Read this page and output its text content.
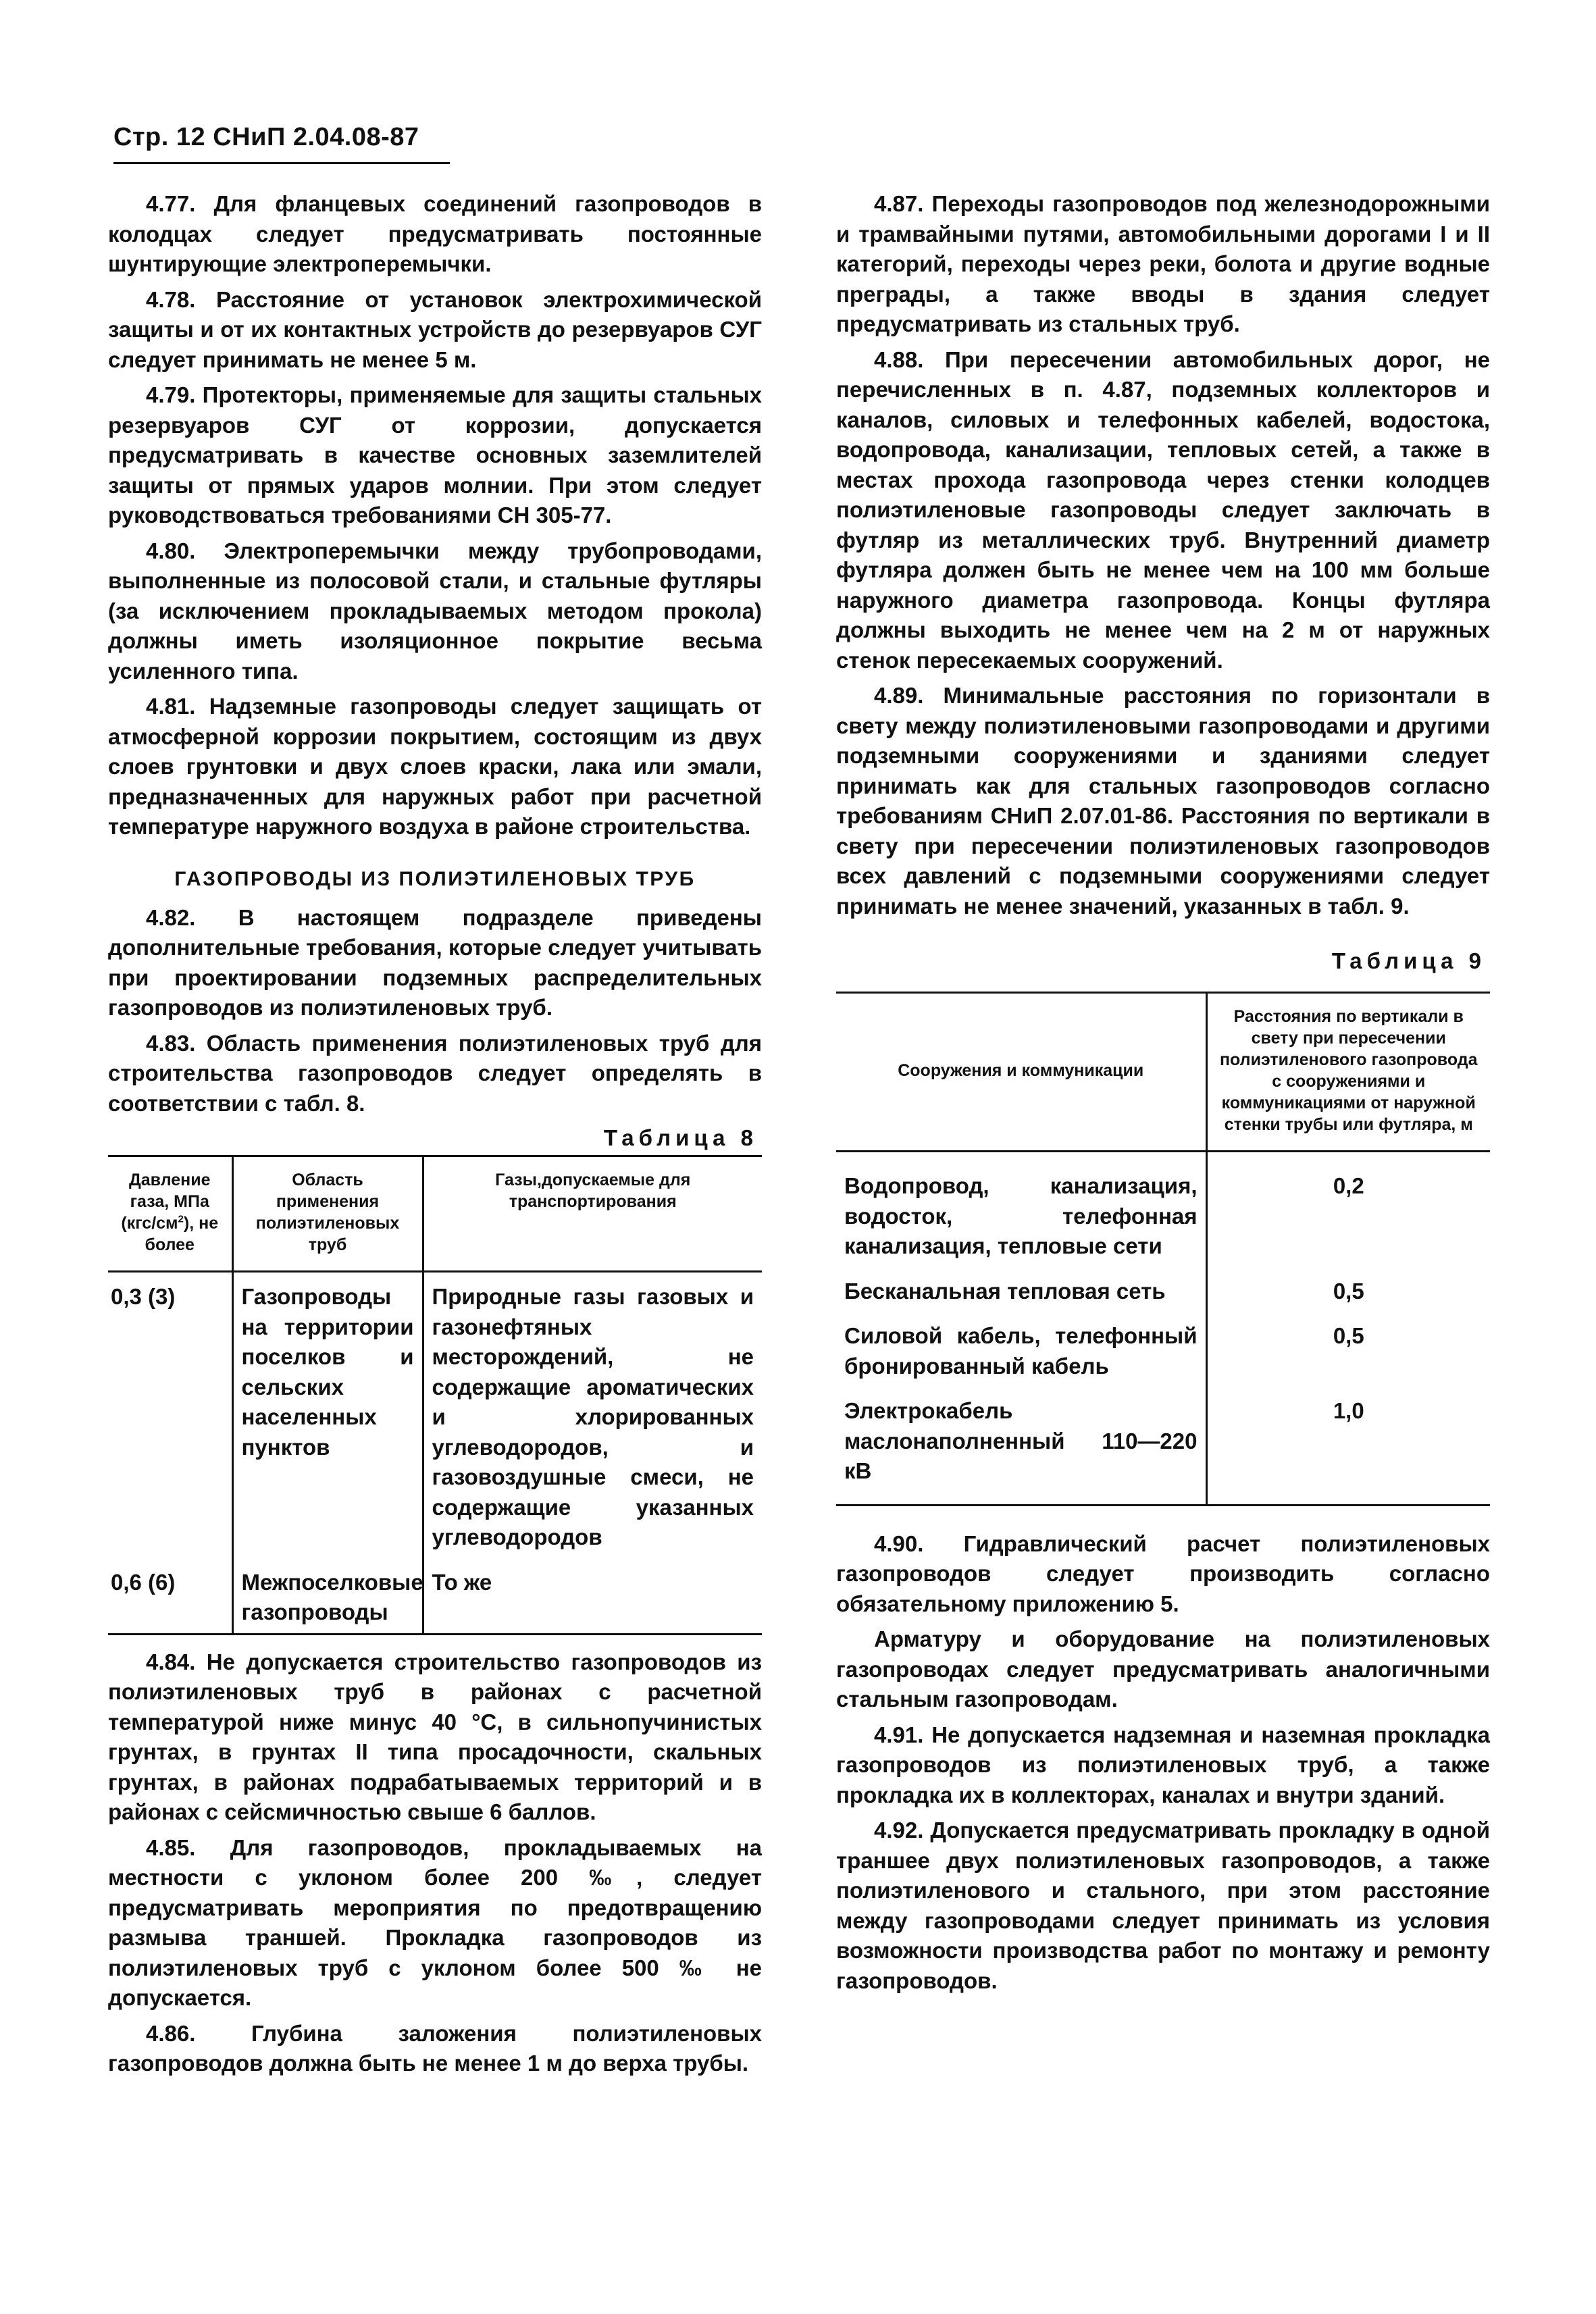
Стр. 12 СНиП 2.04.08-87

4.77. Для фланцевых соединений газопроводов в колодцах следует предусматривать постоянные шунтирующие электроперемычки.

4.78. Расстояние от установок электрохимической защиты и от их контактных устройств до резервуаров СУГ следует принимать не менее 5 м.

4.79. Протекторы, применяемые для защиты стальных резервуаров СУГ от коррозии, допускается предусматривать в качестве основных заземлителей защиты от прямых ударов молнии. При этом следует руководствоваться требованиями СН 305-77.

4.80. Электроперемычки между трубопроводами, выполненные из полосовой стали, и стальные футляры (за исключением прокладываемых методом прокола) должны иметь изоляционное покрытие весьма усиленного типа.

4.81. Надземные газопроводы следует защищать от атмосферной коррозии покрытием, состоящим из двух слоев грунтовки и двух слоев краски, лака или эмали, предназначенных для наружных работ при расчетной температуре наружного воздуха в районе строительства.

ГАЗОПРОВОДЫ ИЗ ПОЛИЭТИЛЕНОВЫХ ТРУБ

4.82. В настоящем подразделе приведены дополнительные требования, которые следует учитывать при проектировании подземных распределительных газопроводов из полиэтиленовых труб.

4.83. Область применения полиэтиленовых труб для строительства газопроводов следует определять в соответствии с табл. 8.

Таблица 8
Давление газа, МПа $(кгс/см^2)$, не более	Область применения полиэтиленовых труб	Газы,допускаемые для транспортирования
0,3 (3)	Газопроводы на территории поселков и сельских населенных пунктов	Природные газы газовых и газонефтяных месторождений, не содержащие ароматических и хлорированных углеводородов, и газовоздушные смеси, не содержащие указанных углеводородов
0,6 (6)	Межпоселковые газопроводы	То же

4.84. Не допускается строительство газопроводов из полиэтиленовых труб в районах с расчетной температурой ниже минус 40 °С, в сильнопучинистых грунтах, в грунтах II типа просадочности, скальных грунтах, в районах подрабатываемых территорий и в районах с сейсмичностью свыше 6 баллов.

4.85. Для газопроводов, прокладываемых на местности с уклоном более 200 ‰, следует предусматривать мероприятия по предотвращению размыва траншей. Прокладка газопроводов из полиэтиленовых труб с уклоном более 500 ‰ не допускается.

4.86. Глубина заложения полиэтиленовых газопроводов должна быть не менее 1 м до верха трубы.

4.87. Переходы газопроводов под железнодорожными и трамвайными путями, автомобильными дорогами I и II категорий, переходы через реки, болота и другие водные преграды, а также вводы в здания следует предусматривать из стальных труб.

4.88. При пересечении автомобильных дорог, не перечисленных в п. 4.87, подземных коллекторов и каналов, силовых и телефонных кабелей, водостока, водопровода, канализации, тепловых сетей, а также в местах прохода газопровода через стенки колодцев полиэтиленовые газопроводы следует заключать в футляр из металлических труб. Внутренний диаметр футляра должен быть не менее чем на 100 мм больше наружного диаметра газопровода. Концы футляра должны выходить не менее чем на 2 м от наружных стенок пересекаемых сооружений.

4.89. Минимальные расстояния по горизонтали в свету между полиэтиленовыми газопроводами и другими подземными сооружениями и зданиями следует принимать как для стальных газопроводов согласно требованиям СНиП 2.07.01-86. Расстояния по вертикали в свету при пересечении полиэтиленовых газопроводов всех давлений с подземными сооружениями следует принимать не менее значений, указанных в табл. 9.

Таблица 9
Сооружения и коммуникации	Расстояния по вертикали в свету при пересечении полиэтиленового газопровода с сооружениями и коммуникациями от наружной стенки трубы или футляра, м
Водопровод, канализация, водосток, телефонная канализация, тепловые сети	0,2
Бесканальная тепловая сеть	0,5
Силовой кабель, телефонный бронированный кабель	0,5
Электрокабель маслонаполненный 110—220 кВ	1,0

4.90. Гидравлический расчет полиэтиленовых газопроводов следует производить согласно обязательному приложению 5.

Арматуру и оборудование на полиэтиленовых газопроводах следует предусматривать аналогичными стальным газопроводам.

4.91. Не допускается надземная и наземная прокладка газопроводов из полиэтиленовых труб, а также прокладка их в коллекторах, каналах и внутри зданий.

4.92. Допускается предусматривать прокладку в одной траншее двух полиэтиленовых газопроводов, а также полиэтиленового и стального, при этом расстояние между газопроводами следует принимать из условия возможности производства работ по монтажу и ремонту газопроводов.
